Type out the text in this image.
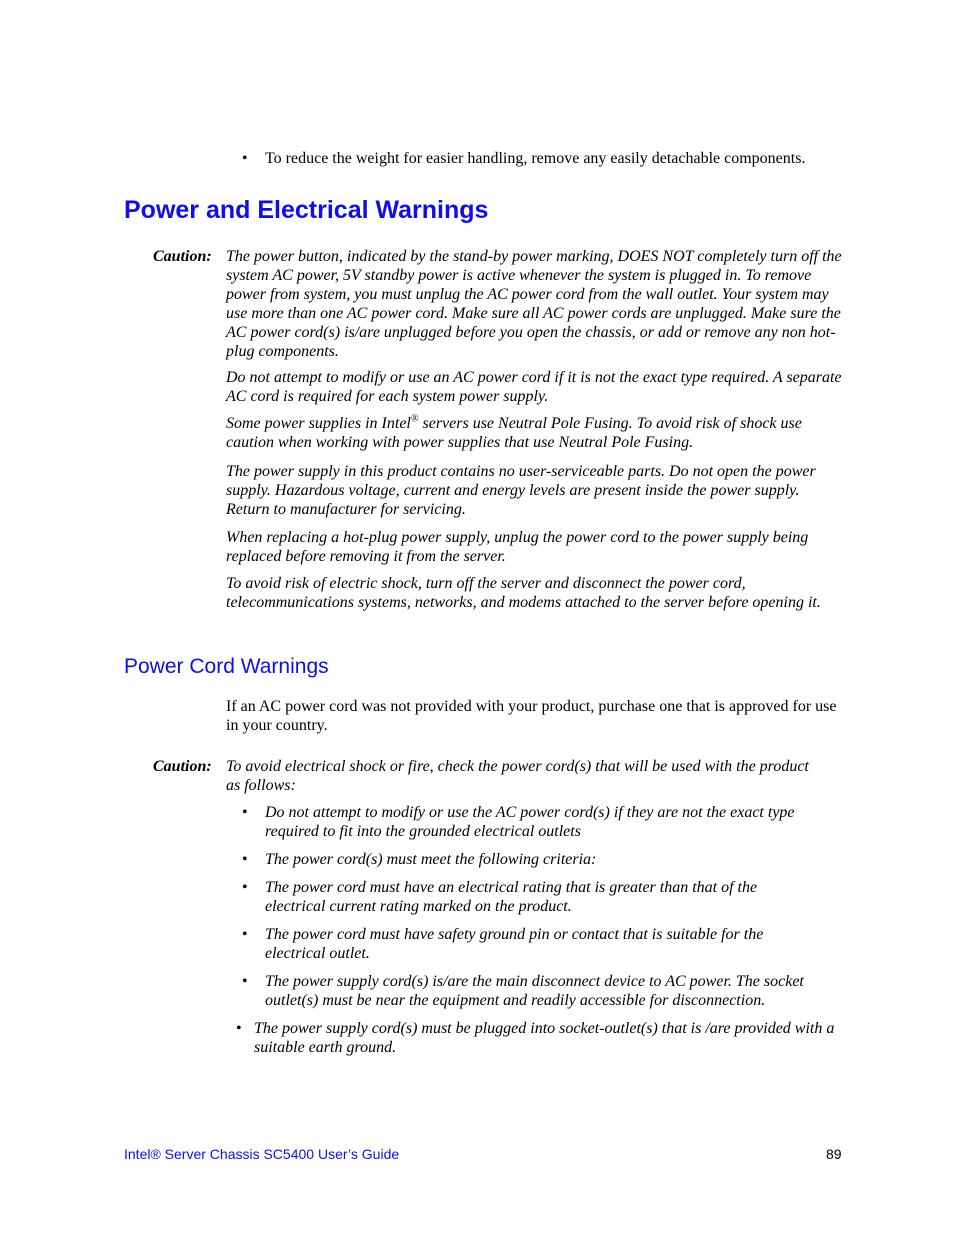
• To reduce the weight for easier handling, remove any easily detachable components.
Power and Electrical Warnings
Caution: The power button, indicated by the stand-by power marking, DOES NOT completely turn off the system AC power, 5V standby power is active whenever the system is plugged in. To remove power from system, you must unplug the AC power cord from the wall outlet. Your system may use more than one AC power cord. Make sure all AC power cords are unplugged. Make sure the AC power cord(s) is/are unplugged before you open the chassis, or add or remove any non hot-plug components.
Do not attempt to modify or use an AC power cord if it is not the exact type required. A separate AC cord is required for each system power supply.
Some power supplies in Intel® servers use Neutral Pole Fusing. To avoid risk of shock use caution when working with power supplies that use Neutral Pole Fusing.
The power supply in this product contains no user-serviceable parts. Do not open the power supply. Hazardous voltage, current and energy levels are present inside the power supply. Return to manufacturer for servicing.
When replacing a hot-plug power supply, unplug the power cord to the power supply being replaced before removing it from the server.
To avoid risk of electric shock, turn off the server and disconnect the power cord, telecommunications systems, networks, and modems attached to the server before opening it.
Power Cord Warnings
If an AC power cord was not provided with your product, purchase one that is approved for use in your country.
Caution: To avoid electrical shock or fire, check the power cord(s) that will be used with the product as follows:
• Do not attempt to modify or use the AC power cord(s) if they are not the exact type required to fit into the grounded electrical outlets
• The power cord(s) must meet the following criteria:
• The power cord must have an electrical rating that is greater than that of the electrical current rating marked on the product.
• The power cord must have safety ground pin or contact that is suitable for the electrical outlet.
• The power supply cord(s) is/are the main disconnect device to AC power. The socket outlet(s) must be near the equipment and readily accessible for disconnection.
• The power supply cord(s) must be plugged into socket-outlet(s) that is /are provided with a suitable earth ground.
Intel® Server Chassis SC5400 User’s Guide	89
